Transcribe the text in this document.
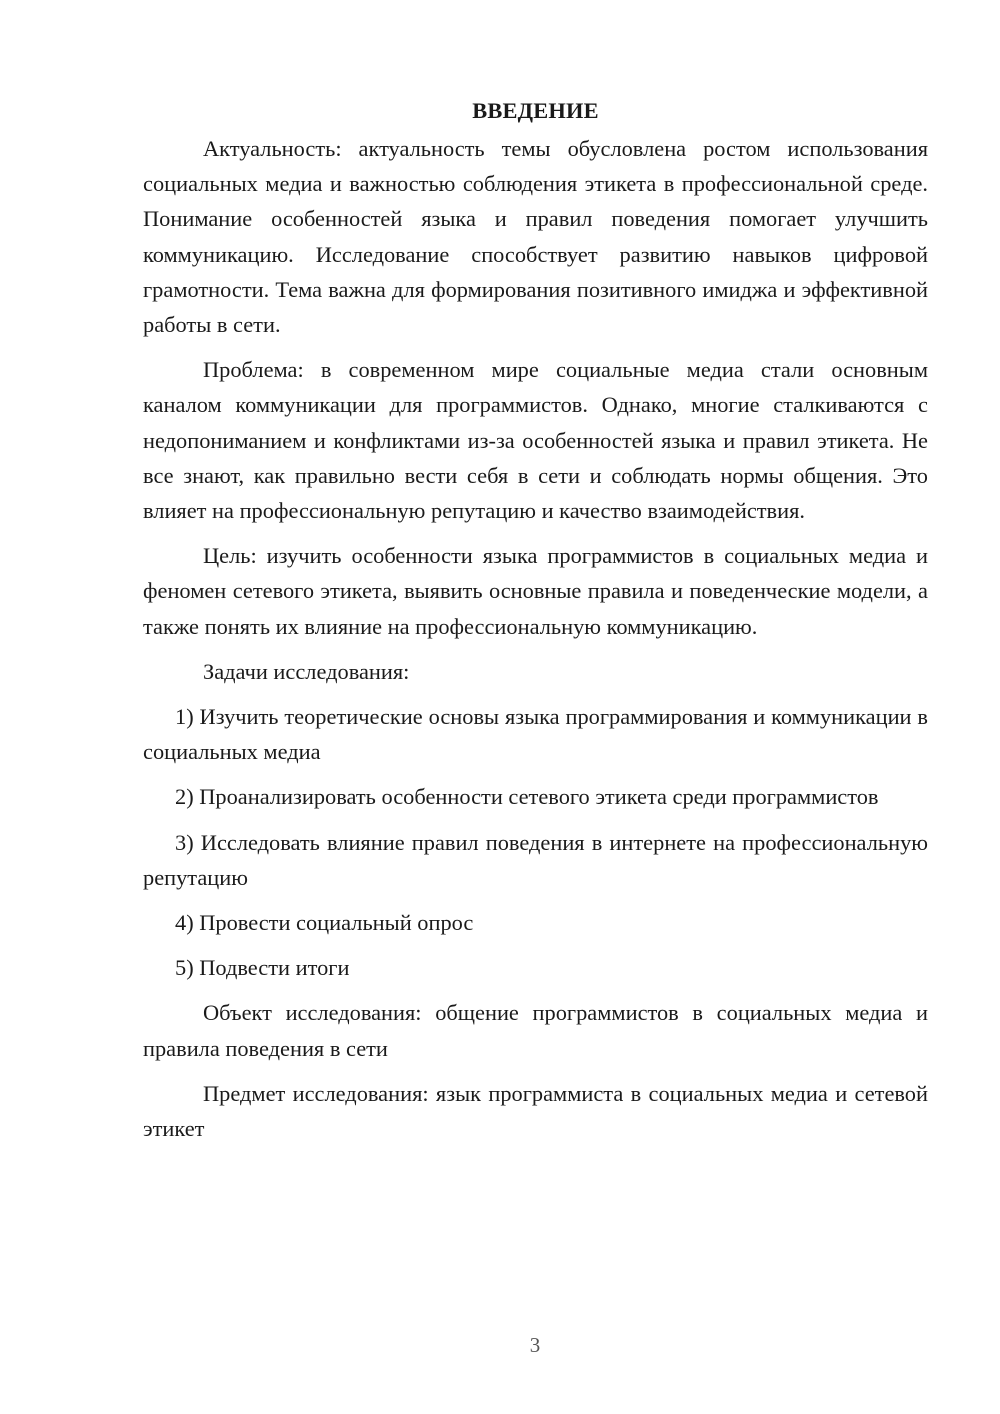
ВВЕДЕНИЕ

Актуальность: актуальность темы обусловлена ростом использования социальных медиа и важностью соблюдения этикета в профессиональной среде. Понимание особенностей языка и правил поведения помогает улучшить коммуникацию. Исследование способствует развитию навыков цифровой грамотности. Тема важна для формирования позитивного имиджа и эффективной работы в сети.

Проблема: в современном мире социальные медиа стали основным каналом коммуникации для программистов. Однако, многие сталкиваются с недопониманием и конфликтами из-за особенностей языка и правил этикета. Не все знают, как правильно вести себя в сети и соблюдать нормы общения. Это влияет на профессиональную репутацию и качество взаимодействия.

Цель: изучить особенности языка программистов в социальных медиа и феномен сетевого этикета, выявить основные правила и поведенческие модели, а также понять их влияние на профессиональную коммуникацию.

Задачи исследования:

1) Изучить теоретические основы языка программирования и коммуникации в социальных медиа

2) Проанализировать особенности сетевого этикета среди программистов

3) Исследовать влияние правил поведения в интернете на профессиональную репутацию

4) Провести социальный опрос

5) Подвести итоги

Объект исследования: общение программистов в социальных медиа и правила поведения в сети

Предмет исследования: язык программиста в социальных медиа и сетевой этикет

3
